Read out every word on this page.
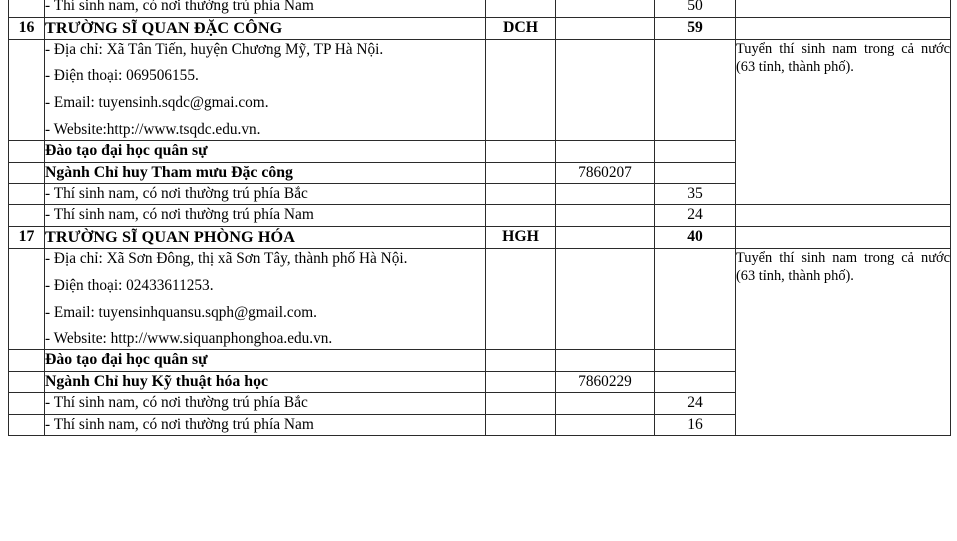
	- Thí sinh nam, có nơi thường trú phía Nam			50	
16	TRƯỜNG SĨ QUAN ĐẶC CÔNG	DCH		59	

	- Địa chỉ: Xã Tân Tiến, huyện Chương Mỹ, TP Hà Nội.
- Điện thoại: 069506155.
- Email: tuyensinh.sqdc@gmai.com.
- Website:http://www.tsqdc.edu.vn.				Tuyển thí sinh nam trong cả nước (63 tỉnh, thành phố).
	Đào tạo đại học quân sự				
	Ngành Chỉ huy Tham mưu Đặc công		7860207		
	- Thí sinh nam, có nơi thường trú phía Bắc			35	
	- Thí sinh nam, có nơi thường trú phía Nam			24	
17	TRƯỜNG SĨ QUAN PHÒNG HÓA	HGH		40	

	- Địa chỉ: Xã Sơn Đông, thị xã Sơn Tây, thành phố Hà Nội.
- Điện thoại: 02433611253.
- Email: tuyensinhquansu.sqph@gmail.com.
- Website: http://www.siquanphonghoa.edu.vn.				Tuyển thí sinh nam trong cả nước (63 tỉnh, thành phố).
	Đào tạo đại học quân sự				
	Ngành Chỉ huy Kỹ thuật hóa học		7860229		
	- Thí sinh nam, có nơi thường trú phía Bắc			24	
	- Thí sinh nam, có nơi thường trú phía Nam			16	
